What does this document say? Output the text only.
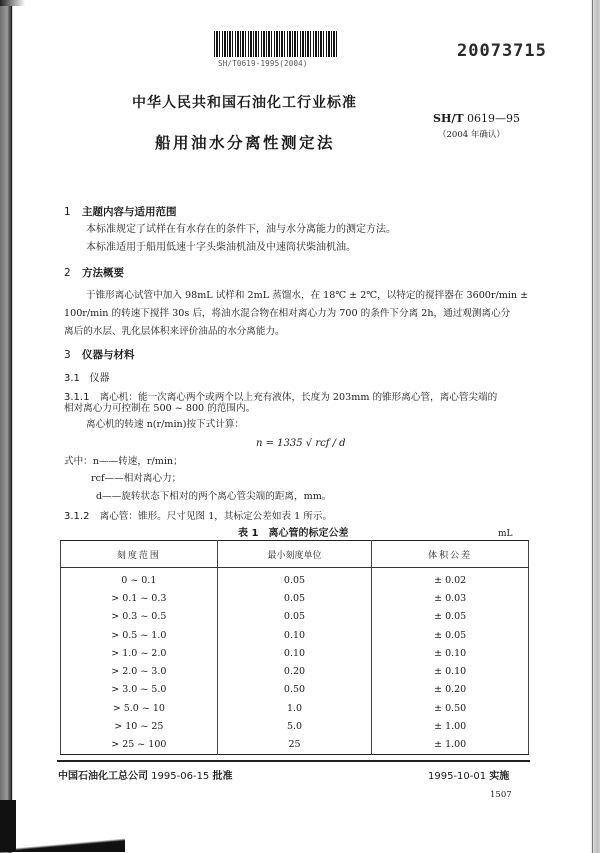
SH/T0619-1995(2004)
20073715
中华人民共和国石油化工行业标准
SH/T 0619—95
（2004 年确认）
船用油水分离性测定法
1 主题内容与适用范围
本标准规定了试样在有水存在的条件下，油与水分离能力的测定方法。
本标准适用于船用低速十字头柴油机油及中速筒状柴油机油。
2 方法概要
于锥形离心试管中加入 98mL 试样和 2mL 蒸馏水，在 18℃ ± 2℃，以特定的搅拌器在 3600r/min ±
100r/min 的转速下搅拌 30s 后，将油水混合物在相对离心力为 700 的条件下分离 2h，通过观测离心分
离后的水层、乳化层体积来评价油品的水分离能力。
3 仪器与材料
3.1 仪器
3.1.1 离心机：能一次离心两个或两个以上充有液体，长度为 203mm 的锥形离心管，离心管尖端的
相对离心力可控制在 500 ~ 800 的范围内。
离心机的转速 n(r/min)按下式计算：
n = 1335 √ rcf / d
式中：n——转速，r/min；
rcf——相对离心力；
d——旋转状态下相对的两个离心管尖端的距离，mm。
3.1.2 离心管：锥形。尺寸见图 1，其标定公差如表 1 所示。
表 1　离心管的标定公差	mL
刻度范围	最小刻度单位	体积公差
0 ~ 0.1	0.05	± 0.02
> 0.1 ~ 0.3	0.05	± 0.03
> 0.3 ~ 0.5	0.05	± 0.05
> 0.5 ~ 1.0	0.10	± 0.05
> 1.0 ~ 2.0	0.10	± 0.10
> 2.0 ~ 3.0	0.20	± 0.10
> 3.0 ~ 5.0	0.50	± 0.20
> 5.0 ~ 10	1.0	± 0.50
> 10 ~ 25	5.0	± 1.00
> 25 ~ 100	25	± 1.00
中国石油化工总公司 1995-06-15 批准	1995-10-01 实施
1507
